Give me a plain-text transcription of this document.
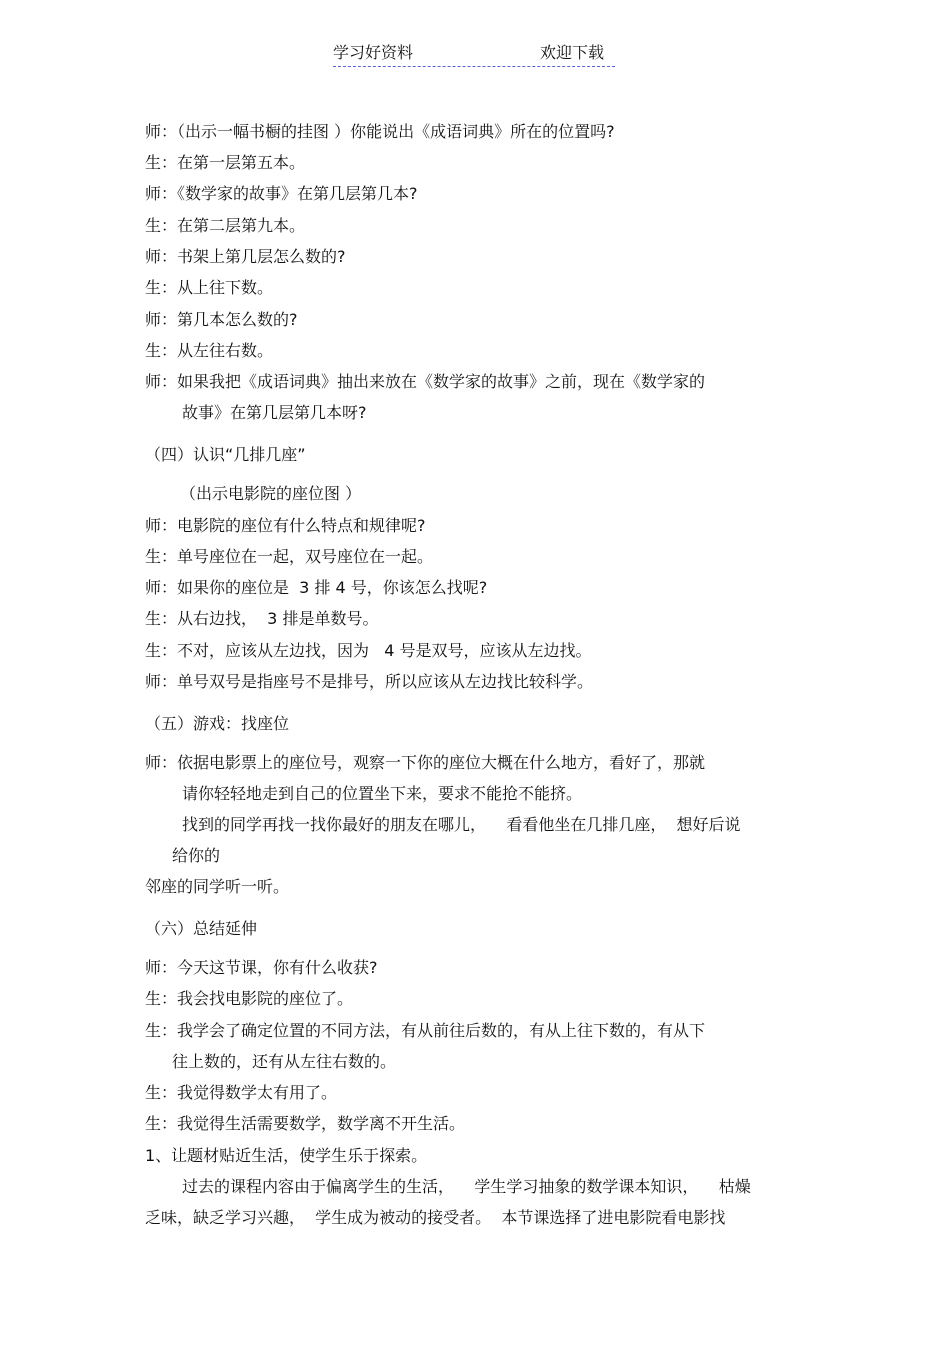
学习好资料	欢迎下载
师：（出示一幅书橱的挂图 ）你能说出《成语词典》所在的位置吗?
生：在第一层第五本。
师：《数学家的故事》在第几层第几本?
生：在第二层第九本。
师：书架上第几层怎么数的?
生：从上往下数。
师：第几本怎么数的?
生：从左往右数。
师：如果我把《成语词典》抽出来放在《数学家的故事》之前，现在《数学家的
故事》在第几层第几本呀?
（四）认识“几排几座”
（出示电影院的座位图 ）
师：电影院的座位有什么特点和规律呢?
生：单号座位在一起，双号座位在一起。
师：如果你的座位是  3 排 4 号，你该怎么找呢?
生：从右边找，  3 排是单数号。
生：不对，应该从左边找，因为   4 号是双号，应该从左边找。
师：单号双号是指座号不是排号，所以应该从左边找比较科学。
（五）游戏：找座位
师：依据电影票上的座位号，观察一下你的座位大概在什么地方，看好了，那就
请你轻轻地走到自己的位置坐下来，要求不能抢不能挤。
找到的同学再找一找你最好的朋友在哪儿，    看看他坐在几排几座，  想好后说
给你的
邻座的同学听一听。
（六）总结延伸
师：今天这节课，你有什么收获?
生：我会找电影院的座位了。
生：我学会了确定位置的不同方法，有从前往后数的，有从上往下数的，有从下
往上数的，还有从左往右数的。
生：我觉得数学太有用了。
生：我觉得生活需要数学，数学离不开生活。
1、让题材贴近生活，使学生乐于探索。
过去的课程内容由于偏离学生的生活，    学生学习抽象的数学课本知识，    枯燥
乏味，缺乏学习兴趣，  学生成为被动的接受者。  本节课选择了进电影院看电影找
